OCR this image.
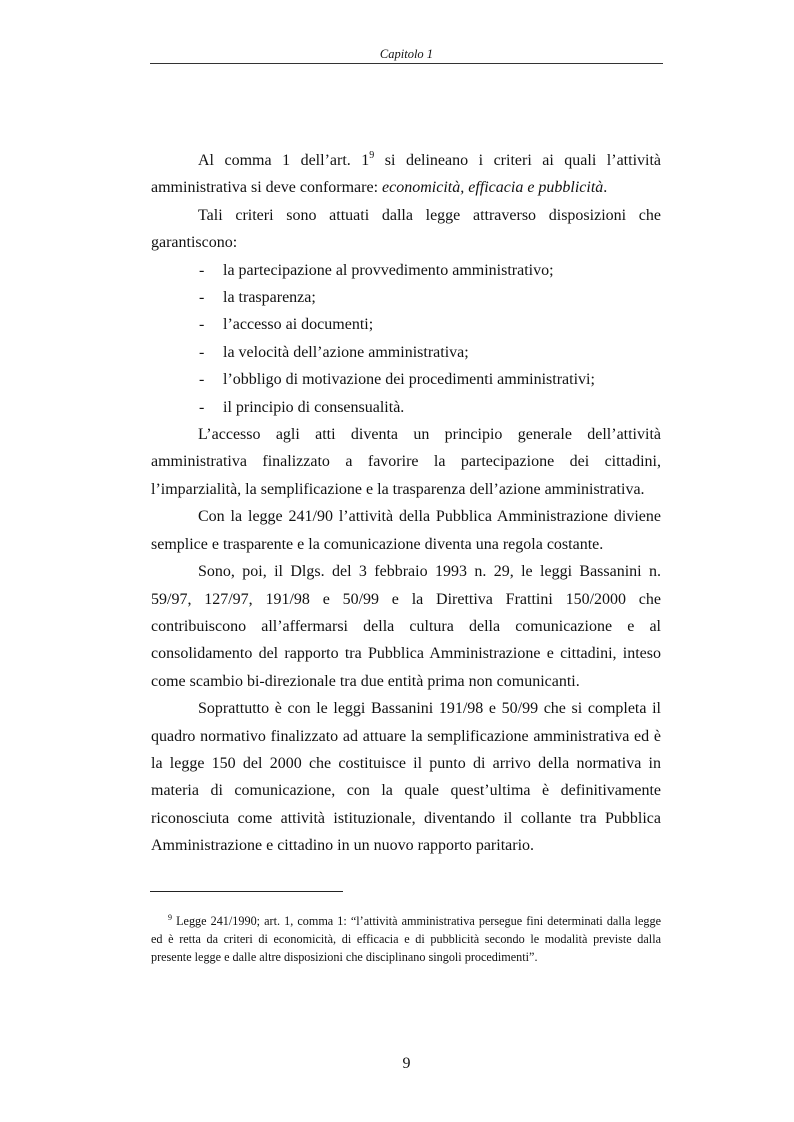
Capitolo 1

Al comma 1 dell’art. $1^9$ si delineano i criteri ai quali l’attività amministrativa si deve conformare: economicità, efficacia e pubblicità.

Tali criteri sono attuati dalla legge attraverso disposizioni che garantiscono:

- la partecipazione al provvedimento amministrativo;
- la trasparenza;
- l’accesso ai documenti;
- la velocità dell’azione amministrativa;
- l’obbligo di motivazione dei procedimenti amministrativi;
- il principio di consensualità.

L’accesso agli atti diventa un principio generale dell’attività amministrativa finalizzato a favorire la partecipazione dei cittadini, l’imparzialità, la semplificazione e la trasparenza dell’azione amministrativa.

Con la legge 241/90 l’attività della Pubblica Amministrazione diviene semplice e trasparente e la comunicazione diventa una regola costante.

Sono, poi, il Dlgs. del 3 febbraio 1993 n. 29, le leggi Bassanini n. 59/97, 127/97, 191/98 e 50/99 e la Direttiva Frattini 150/2000 che contribuiscono all’affermarsi della cultura della comunicazione e al consolidamento del rapporto tra Pubblica Amministrazione e cittadini, inteso come scambio bi-direzionale tra due entità prima non comunicanti.

Soprattutto è con le leggi Bassanini 191/98 e 50/99 che si completa il quadro normativo finalizzato ad attuare la semplificazione amministrativa ed è la legge 150 del 2000 che costituisce il punto di arrivo della normativa in materia di comunicazione, con la quale quest’ultima è definitivamente riconosciuta come attività istituzionale, diventando il collante tra Pubblica Amministrazione e cittadino in un nuovo rapporto paritario.

$^9$ Legge 241/1990; art. 1, comma 1: “l’attività amministrativa persegue fini determinati dalla legge ed è retta da criteri di economicità, di efficacia e di pubblicità secondo le modalità previste dalla presente legge e dalle altre disposizioni che disciplinano singoli procedimenti”.
9
